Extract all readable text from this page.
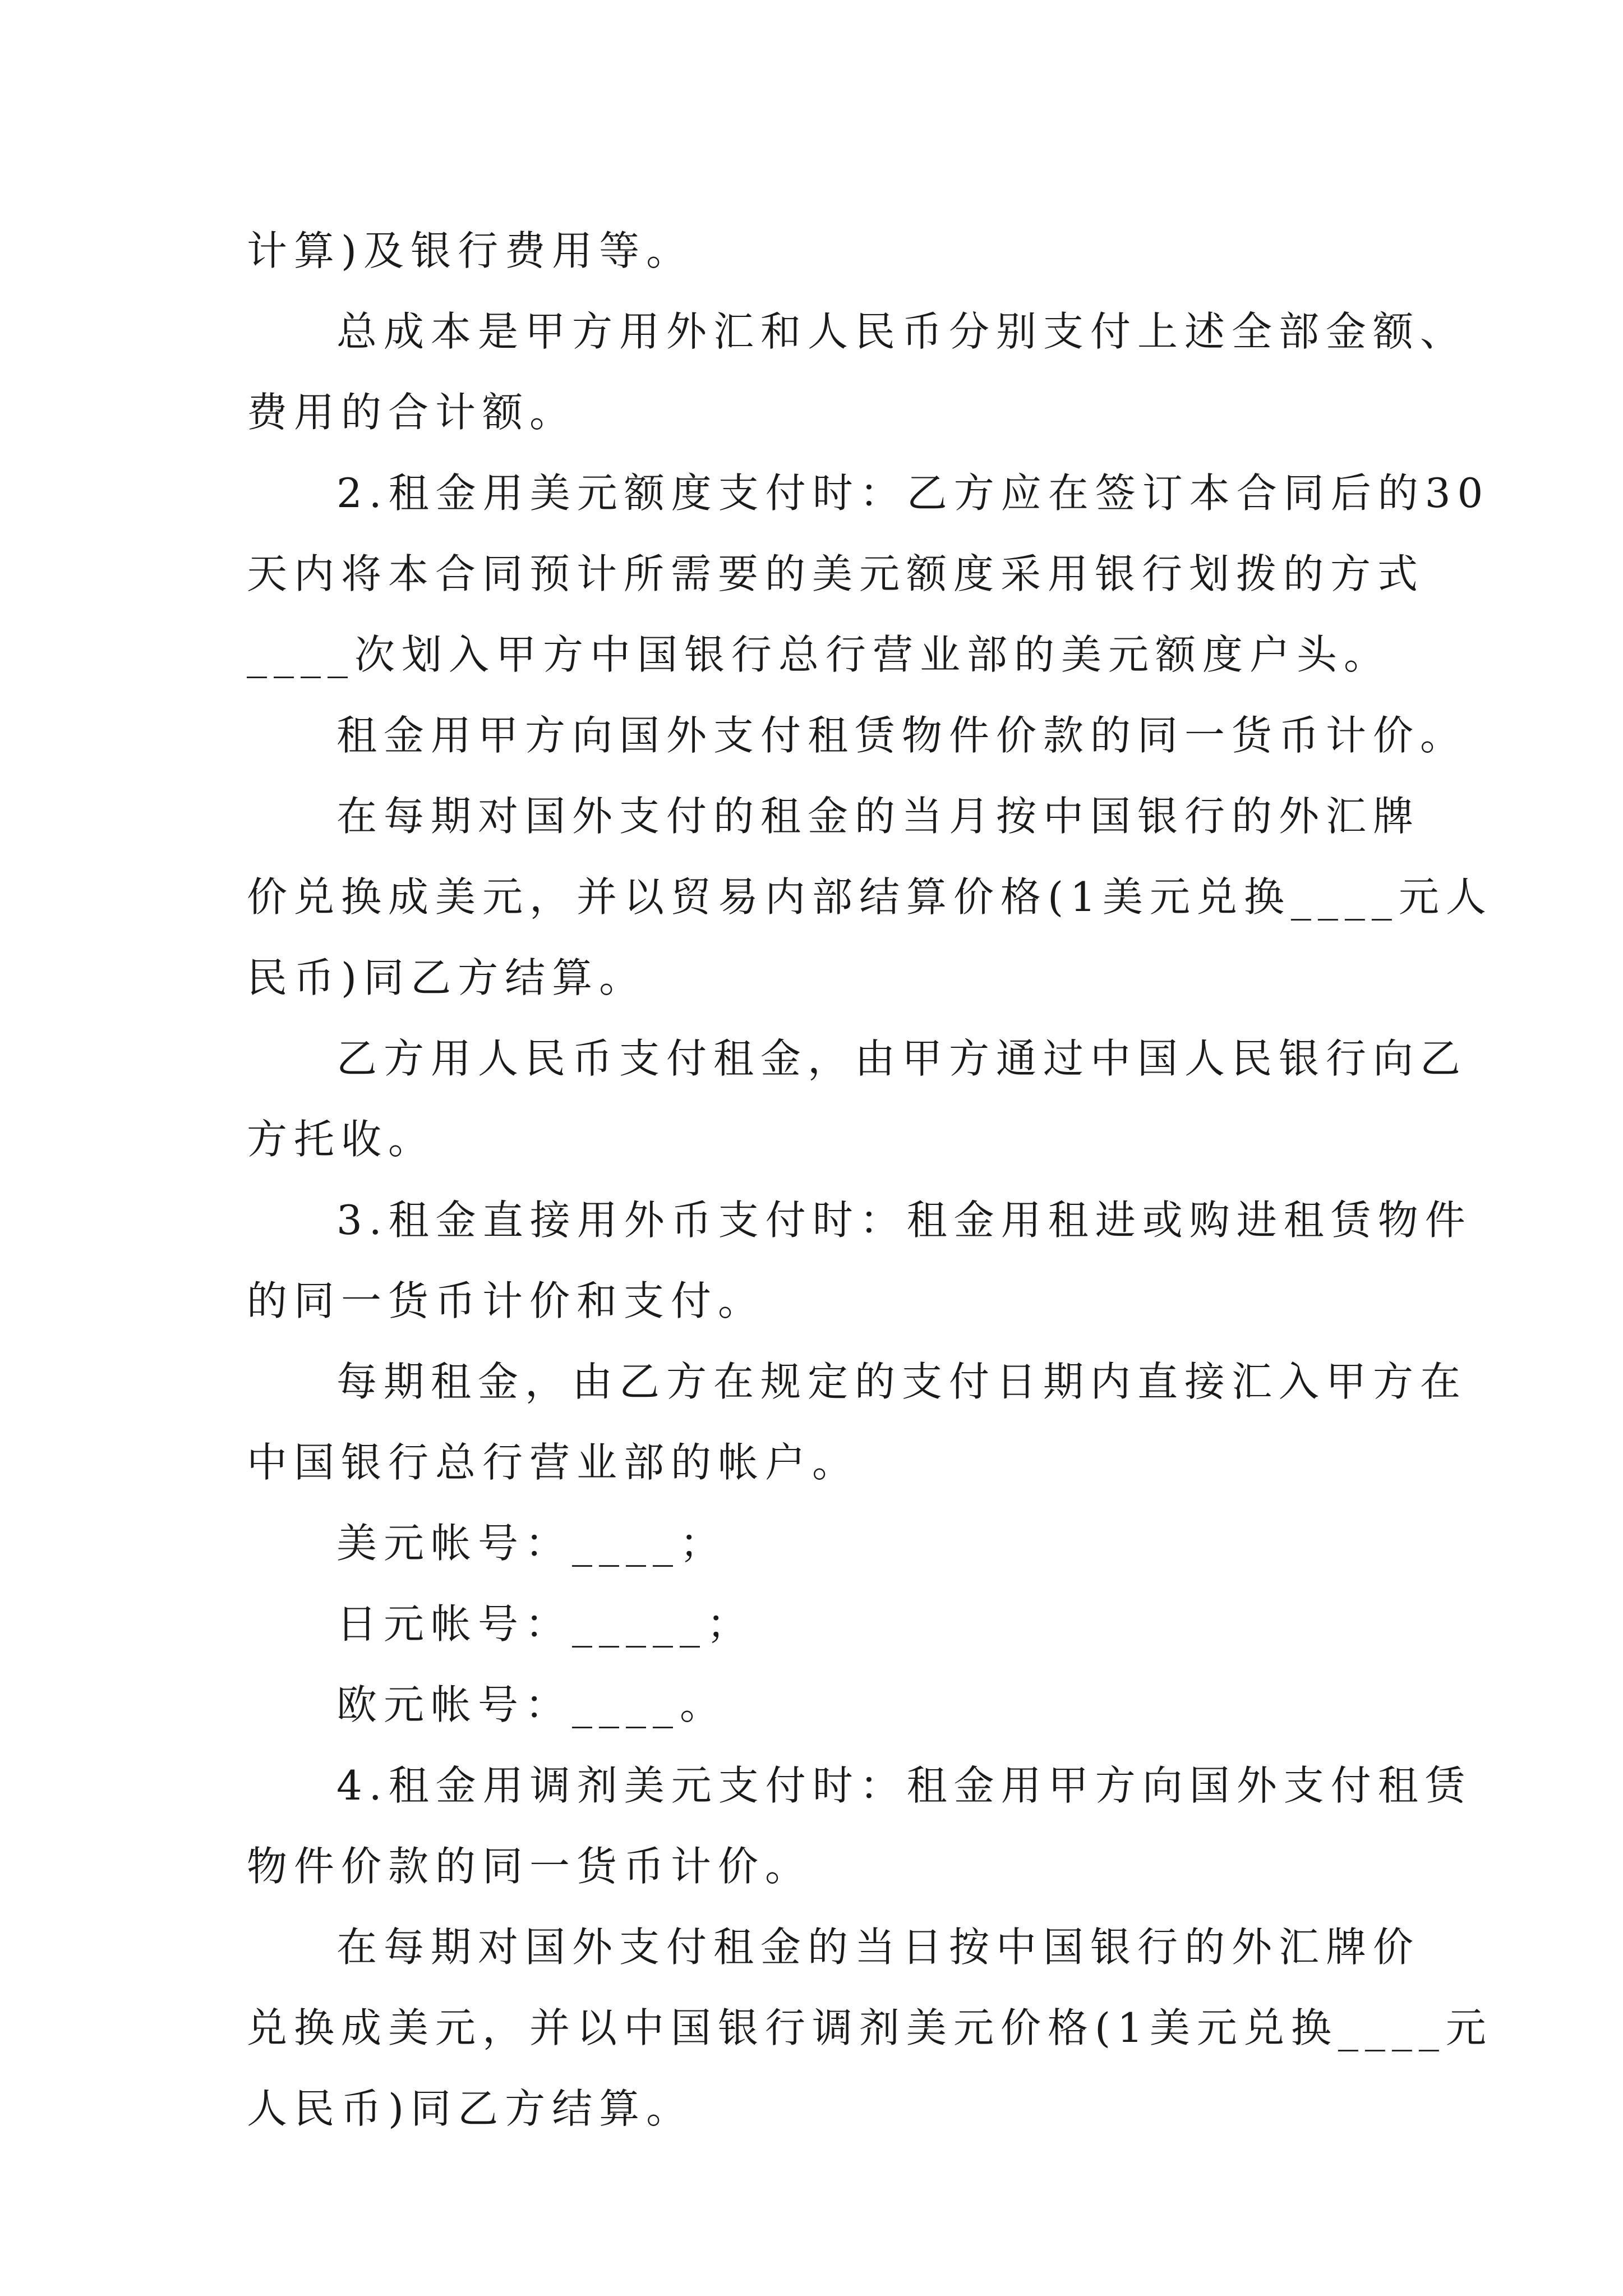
计算)及银行费用等。
总成本是甲方用外汇和人民币分别支付上述全部金额、
费用的合计额。
2.租金用美元额度支付时：乙方应在签订本合同后的30
天内将本合同预计所需要的美元额度采用银行划拨的方式
____次划入甲方中国银行总行营业部的美元额度户头。
租金用甲方向国外支付租赁物件价款的同一货币计价。
在每期对国外支付的租金的当月按中国银行的外汇牌
价兑换成美元，并以贸易内部结算价格(1美元兑换____元人
民币)同乙方结算。
乙方用人民币支付租金，由甲方通过中国人民银行向乙
方托收。
3.租金直接用外币支付时：租金用租进或购进租赁物件
的同一货币计价和支付。
每期租金，由乙方在规定的支付日期内直接汇入甲方在
中国银行总行营业部的帐户。
美元帐号：____；
日元帐号：_____；
欧元帐号：____。
4.租金用调剂美元支付时：租金用甲方向国外支付租赁
物件价款的同一货币计价。
在每期对国外支付租金的当日按中国银行的外汇牌价
兑换成美元，并以中国银行调剂美元价格(1美元兑换____元
人民币)同乙方结算。
